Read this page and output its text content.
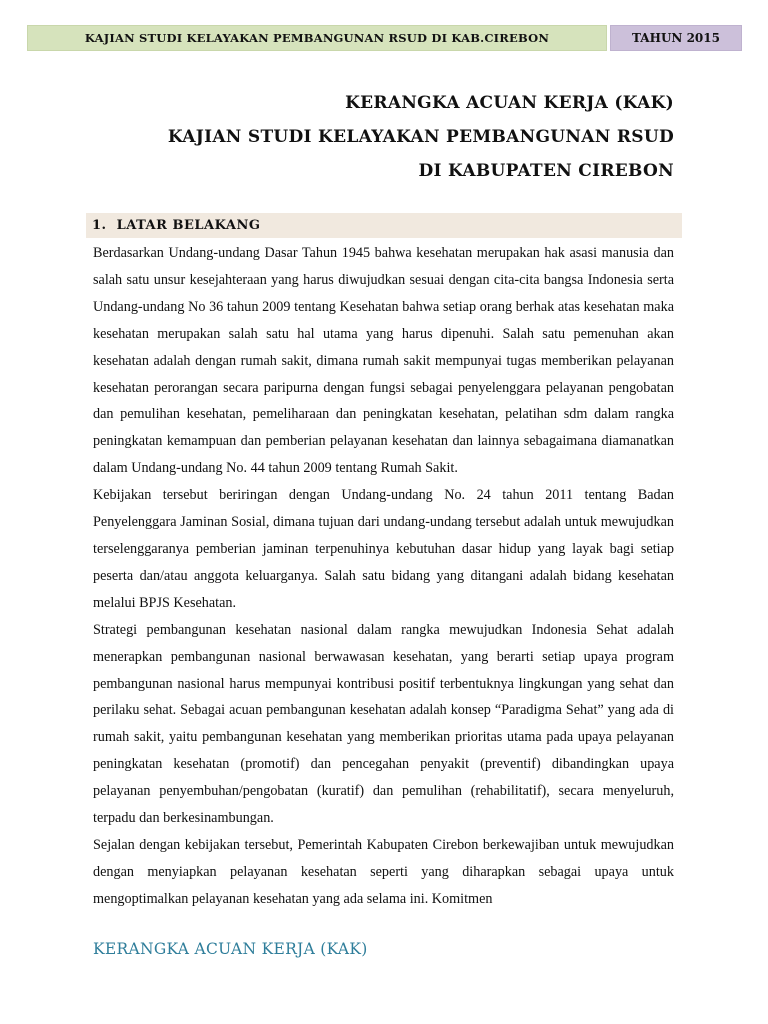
KAJIAN STUDI KELAYAKAN PEMBANGUNAN RSUD DI KAB.CIREBON	TAHUN 2015
KERANGKA ACUAN KERJA (KAK)
KAJIAN STUDI KELAYAKAN PEMBANGUNAN RSUD
DI KABUPATEN CIREBON
1. LATAR BELAKANG

Berdasarkan Undang-undang Dasar Tahun 1945 bahwa kesehatan merupakan hak asasi manusia dan salah satu unsur kesejahteraan yang harus diwujudkan sesuai dengan cita-cita bangsa Indonesia serta Undang-undang No 36 tahun 2009 tentang Kesehatan bahwa setiap orang berhak atas kesehatan maka kesehatan merupakan salah satu hal utama yang harus dipenuhi. Salah satu pemenuhan akan kesehatan adalah dengan rumah sakit, dimana rumah sakit mempunyai tugas memberikan pelayanan kesehatan perorangan secara paripurna dengan fungsi sebagai penyelenggara pelayanan pengobatan dan pemulihan kesehatan, pemeliharaan dan peningkatan kesehatan, pelatihan sdm dalam rangka peningkatan kemampuan dan pemberian pelayanan kesehatan dan lainnya sebagaimana diamanatkan dalam Undang-undang No. 44 tahun 2009 tentang Rumah Sakit.

Kebijakan tersebut beriringan dengan Undang-undang No. 24 tahun 2011 tentang Badan Penyelenggara Jaminan Sosial, dimana tujuan dari undang-undang tersebut adalah untuk mewujudkan terselenggaranya pemberian jaminan terpenuhinya kebutuhan dasar hidup yang layak bagi setiap peserta dan/atau anggota keluarganya. Salah satu bidang yang ditangani adalah bidang kesehatan melalui BPJS Kesehatan.

Strategi pembangunan kesehatan nasional dalam rangka mewujudkan Indonesia Sehat adalah menerapkan pembangunan nasional berwawasan kesehatan, yang berarti setiap upaya program pembangunan nasional harus mempunyai kontribusi positif terbentuknya lingkungan yang sehat dan perilaku sehat. Sebagai acuan pembangunan kesehatan adalah konsep “Paradigma Sehat” yang ada di rumah sakit, yaitu pembangunan kesehatan yang memberikan prioritas utama pada upaya pelayanan peningkatan kesehatan (promotif) dan pencegahan penyakit (preventif) dibandingkan upaya pelayanan penyembuhan/pengobatan (kuratif) dan pemulihan (rehabilitatif), secara menyeluruh, terpadu dan berkesinambungan.

Sejalan dengan kebijakan tersebut, Pemerintah Kabupaten Cirebon berkewajiban untuk mewujudkan dengan menyiapkan pelayanan kesehatan seperti yang diharapkan sebagai upaya untuk mengoptimalkan pelayanan kesehatan yang ada selama ini. Komitmen

KERANGKA ACUAN KERJA (KAK)
